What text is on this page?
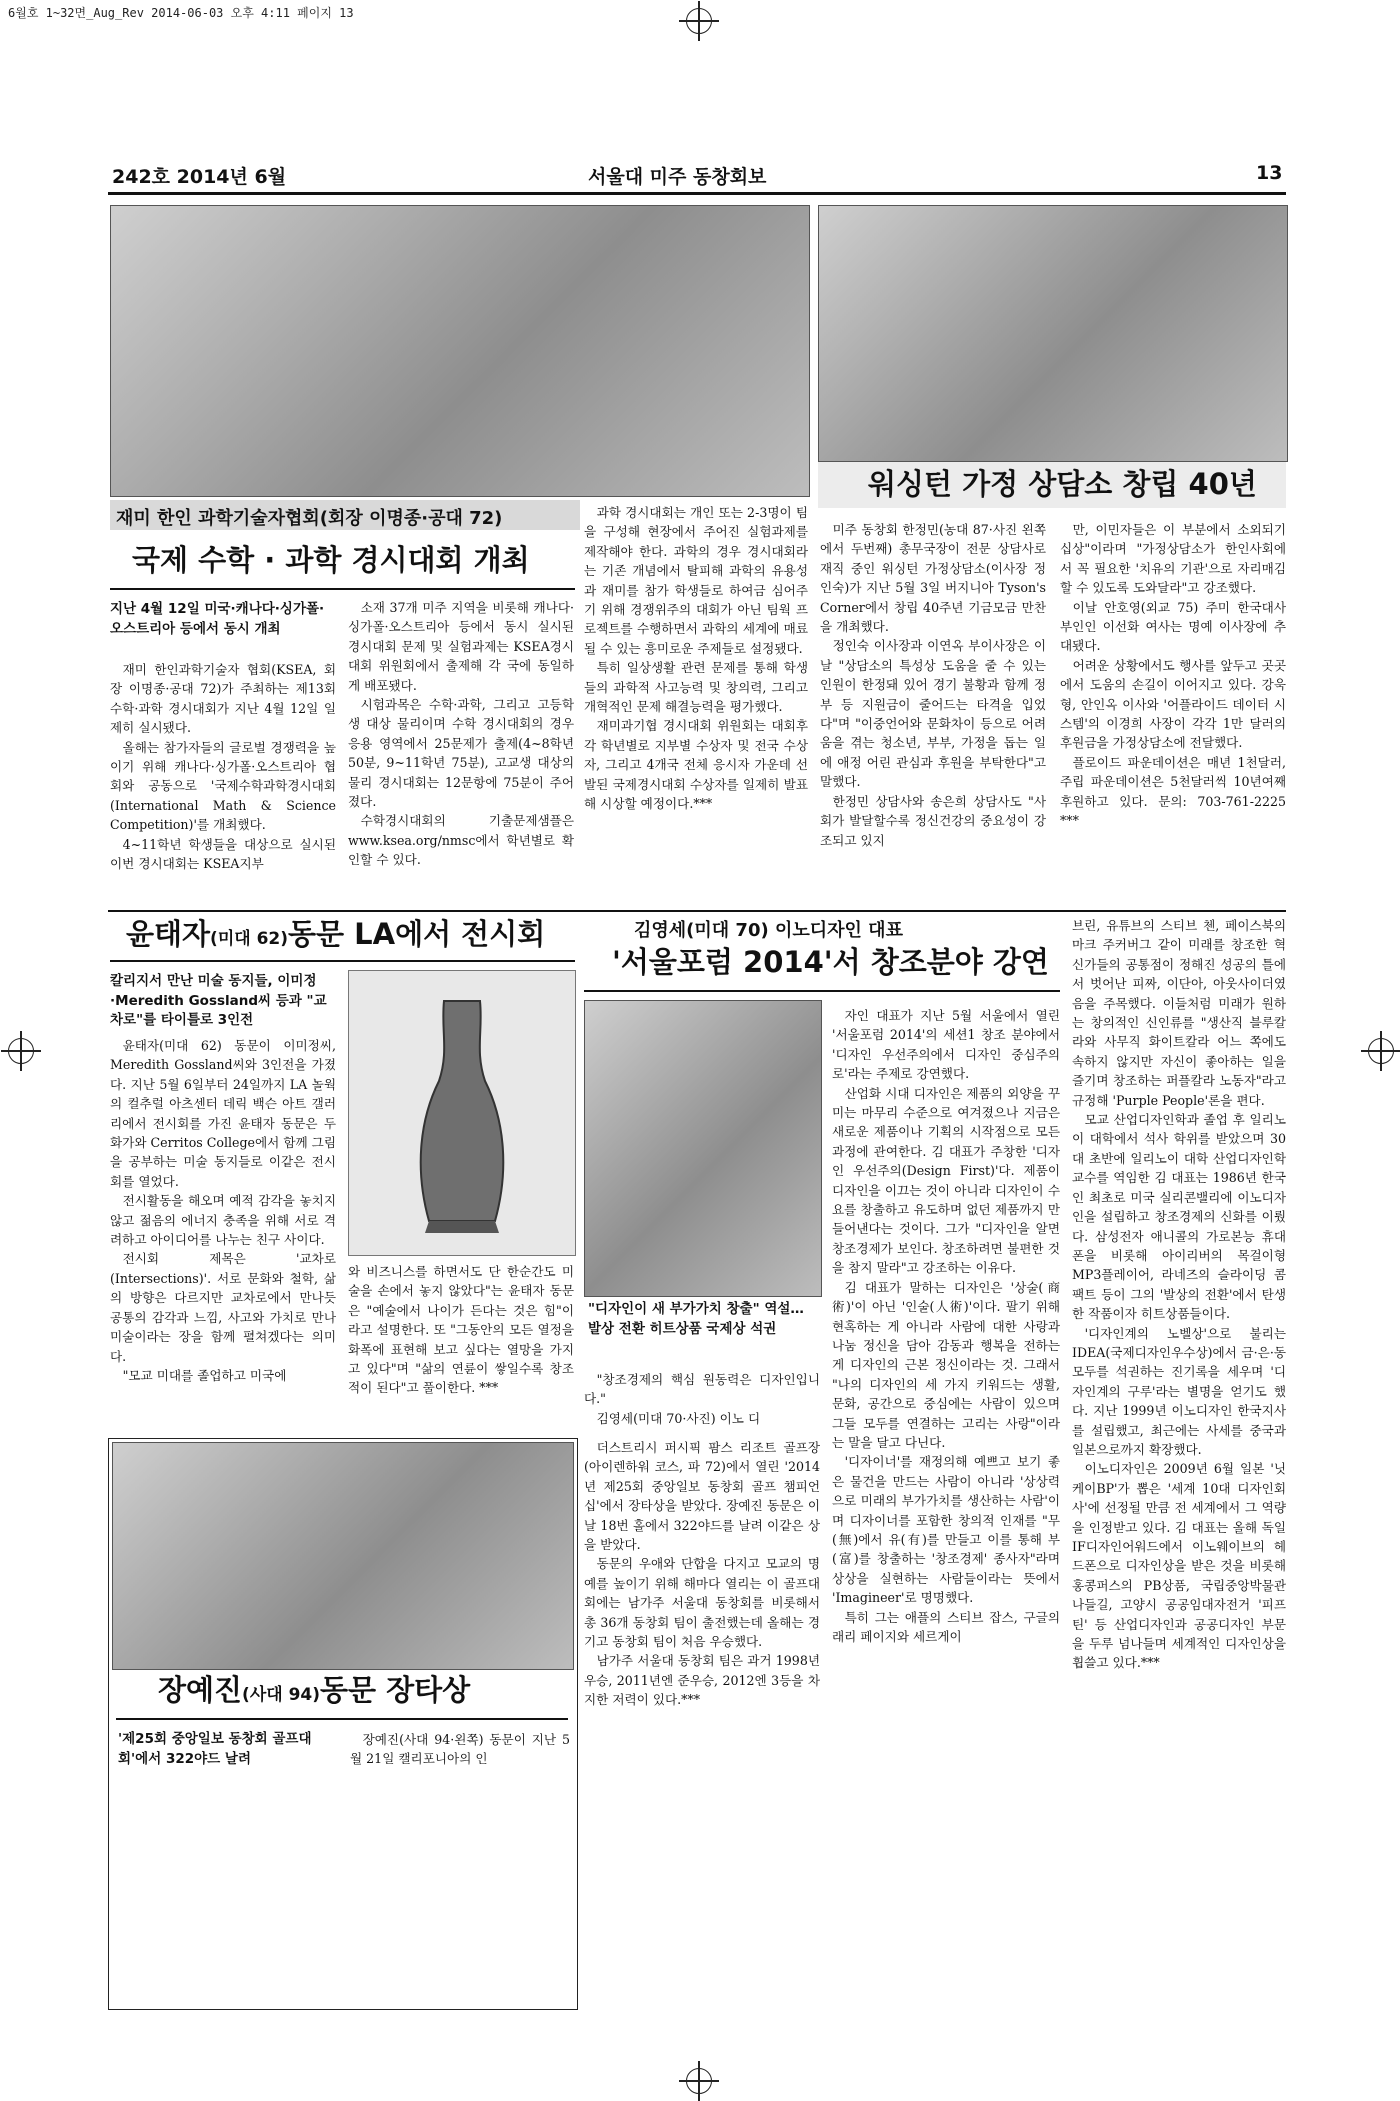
6월호 1~32면_Aug_Rev 2014-06-03 오후 4:11 페이지 13
242호 2014년 6월	서울대 미주 동창회보	13
재미 한인 과학기술자협회(회장 이명종·공대 72)
국제 수학 · 과학 경시대회 개최
지난 4월 12일 미국·캐나다·싱가폴·오스트리아 등에서 동시 개최

재미 한인과학기술자 협회(KSEA, 회장 이명종·공대 72)가 주최하는 제13회 수학·과학 경시대회가 지난 4월 12일 일제히 실시됐다.

올해는 참가자들의 글로벌 경쟁력을 높이기 위해 캐나다·싱가폴·오스트리아 협회와 공동으로 '국제수학과학경시대회(International Math & Science Competition)'를 개최했다.

4~11학년 학생들을 대상으로 실시된 이번 경시대회는 KSEA지부

소재 37개 미주 지역을 비롯해 캐나다·싱가폴·오스트리아 등에서 동시 실시된 경시대회 문제 및 실험과제는 KSEA경시대회 위원회에서 출제해 각 국에 동일하게 배포됐다.

시험과목은 수학·과학, 그리고 고등학생 대상 물리이며 수학 경시대회의 경우 응용 영역에서 25문제가 출제(4~8학년 50분, 9~11학년 75분), 고교생 대상의 물리 경시대회는 12문항에 75분이 주어졌다.

수학경시대회의 기출문제샘플은 www.ksea.org/nmsc에서 학년별로 확인할 수 있다.

과학 경시대회는 개인 또는 2-3명이 팀을 구성해 현장에서 주어진 실험과제를 제작해야 한다. 과학의 경우 경시대회라는 기존 개념에서 탈피해 과학의 유용성과 재미를 참가 학생들로 하여금 심어주기 위해 경쟁위주의 대회가 아닌 팀웍 프로젝트를 수행하면서 과학의 세계에 매료될 수 있는 흥미로운 주제들로 설정됐다.

특히 일상생활 관련 문제를 통해 학생들의 과학적 사고능력 및 창의력, 그리고 개혁적인 문제 해결능력을 평가했다.

재미과기협 경시대회 위원회는 대회후 각 학년별로 지부별 수상자 및 전국 수상자, 그리고 4개국 전체 응시자 가운데 선발된 국제경시대회 수상자를 일제히 발표해 시상할 예정이다.***

워싱턴 가정 상담소 창립 40년

미주 동창회 한정민(농대 87·사진 왼쪽에서 두번째) 총무국장이 전문 상담사로 재직 중인 워싱턴 가정상담소(이사장 정인숙)가 지난 5월 3일 버지니아 Tyson's Corner에서 창립 40주년 기금모금 만찬을 개최했다.

정인숙 이사장과 이연옥 부이사장은 이날 "상담소의 특성상 도움을 줄 수 있는 인원이 한정돼 있어 경기 불황과 함께 정부 등 지원금이 줄어드는 타격을 입었다"며 "이중언어와 문화차이 등으로 어려움을 겪는 청소년, 부부, 가정을 돕는 일에 애정 어린 관심과 후원을 부탁한다"고 말했다.

한정민 상담사와 송은희 상담사도 "사회가 발달할수록 정신건강의 중요성이 강조되고 있지

만, 이민자들은 이 부분에서 소외되기 십상"이라며 "가정상담소가 한인사회에서 꼭 필요한 '치유의 기관'으로 자리매김할 수 있도록 도와달라"고 강조했다.

이날 안호영(외교 75) 주미 한국대사 부인인 이선화 여사는 명예 이사장에 추대됐다.

어려운 상황에서도 행사를 앞두고 곳곳에서 도움의 손길이 이어지고 있다. 강욱형, 안인옥 이사와 '어플라이드 데이터 시스템'의 이경희 사장이 각각 1만 달러의 후원금을 가정상담소에 전달했다.

플로이드 파운데이션은 매년 1천달러, 주립 파운데이션은 5천달러씩 10년여째 후원하고 있다. 문의: 703-761-2225 ***

윤태자(미대 62)동문 LA에서 전시회
칼리지서 만난 미술 동지들, 이미정·Meredith Gossland씨 등과 "교차로"를 타이틀로 3인전

윤태자(미대 62) 동문이 이미정씨, Meredith Gossland씨와 3인전을 가졌다. 지난 5월 6일부터 24일까지 LA 놀웍의 컬추럴 아츠센터 데릭 백슨 아트 갤러리에서 전시회를 가진 윤태자 동문은 두 화가와 Cerritos College에서 함께 그림을 공부하는 미술 동지들로 이같은 전시회를 열었다.

전시활동을 해오며 예적 감각을 놓치지 않고 젊음의 에너지 충족을 위해 서로 격려하고 아이디어를 나누는 친구 사이다.

전시회 제목은 '교차로(Intersections)'. 서로 문화와 철학, 삶의 방향은 다르지만 교차로에서 만나듯 공통의 감각과 느낌, 사고와 가치로 만나 미술이라는 장을 함께 펼쳐겠다는 의미다.

"모교 미대를 졸업하고 미국에

와 비즈니스를 하면서도 단 한순간도 미술을 손에서 놓지 않았다"는 윤태자 동문은 "예술에서 나이가 든다는 것은 힘"이라고 설명한다. 또 "그동안의 모든 열정을 화폭에 표현해 보고 싶다는 열망을 가지고 있다"며 "삶의 연륜이 쌓일수록 창조적이 된다"고 풀이한다. ***

장예진(사대 94)동문 장타상
'제25회 중앙일보 동창회 골프대회'에서 322야드 날려

장예진(사대 94·왼쪽) 동문이 지난 5월 21일 캘리포니아의 인

김영세(미대 70) 이노디자인 대표
'서울포럼 2014'서 창조분야 강연
"디자인이 새 부가가치 창출" 역설… 발상 전환 히트상품 국제상 석권

"창조경제의 핵심 원동력은 디자인입니다."

김영세(미대 70·사진) 이노 디

더스트리시 퍼시픽 팜스 리조트 골프장(아이렌하워 코스, 파 72)에서 열린 '2014년 제25회 중앙일보 동창회 골프 챔피언십'에서 장타상을 받았다. 장예진 동문은 이날 18번 홀에서 322야드를 날려 이같은 상을 받았다.

동문의 우애와 단합을 다지고 모교의 명예를 높이기 위해 해마다 열리는 이 골프대회에는 남가주 서울대 동창회를 비롯해서 총 36개 동창회 팀이 출전했는데 올해는 경기고 동창회 팀이 처음 우승했다.

남가주 서울대 동창회 팀은 과거 1998년 우승, 2011년엔 준우승, 2012엔 3등을 차지한 저력이 있다.***

자인 대표가 지난 5월 서울에서 열린 '서울포럼 2014'의 세션1 창조 분야에서 '디자인 우선주의에서 디자인 중심주의로'라는 주제로 강연했다.

산업화 시대 디자인은 제품의 외양을 꾸미는 마무리 수준으로 여겨졌으나 지금은 새로운 제품이나 기획의 시작점으로 모든 과정에 관여한다. 김 대표가 주창한 '디자인 우선주의(Design First)'다. 제품이 디자인을 이끄는 것이 아니라 디자인이 수요를 창출하고 유도하며 없던 제품까지 만들어낸다는 것이다. 그가 "디자인을 알면 창조경제가 보인다. 창조하려면 불편한 것을 참지 말라"고 강조하는 이유다.

김 대표가 말하는 디자인은 '상술(商術)'이 아닌 '인술(人術)'이다. 팔기 위해 현혹하는 게 아니라 사람에 대한 사랑과 나눔 정신을 담아 감동과 행복을 전하는 게 디자인의 근본 정신이라는 것. 그래서 "나의 디자인의 세 가지 키워드는 생활, 문화, 공간으로 중심에는 사람이 있으며 그들 모두를 연결하는 고리는 사랑"이라는 말을 달고 다닌다.

'디자이너'를 재정의해 예쁘고 보기 좋은 물건을 만드는 사람이 아니라 '상상력으로 미래의 부가가치를 생산하는 사람'이며 디자이너를 포함한 창의적 인재를 "무(無)에서 유(有)를 만들고 이를 통해 부(富)를 창출하는 '창조경제' 종사자"라며 상상을 실현하는 사람들이라는 뜻에서 'Imagineer'로 명명했다.

특히 그는 애플의 스티브 잡스, 구글의 래리 페이지와 세르게이

브린, 유튜브의 스티브 첸, 페이스북의 마크 주커버그 같이 미래를 창조한 혁신가들의 공통점이 정해진 성공의 틀에서 벗어난 피짜, 이단아, 아웃사이더였음을 주목했다. 이들처럼 미래가 원하는 창의적인 신인류를 "생산직 블루칼라와 사무직 화이트칼라 어느 쪽에도 속하지 않지만 자신이 좋아하는 일을 즐기며 창조하는 퍼플칼라 노동자"라고 규정해 'Purple People'론을 편다.

모교 산업디자인학과 졸업 후 일리노이 대학에서 석사 학위를 받았으며 30대 초반에 일리노이 대학 산업디자인학 교수를 역임한 김 대표는 1986년 한국인 최초로 미국 실리콘밸리에 이노디자인을 설립하고 창조경제의 신화를 이뤘다. 삼성전자 애니콜의 가로본능 휴대폰을 비롯해 아이리버의 목걸이형 MP3플레이어, 라네즈의 슬라이딩 콤팩트 등이 그의 '발상의 전환'에서 탄생한 작품이자 히트상품들이다.

'디자인계의 노벨상'으로 불리는 IDEA(국제디자인우수상)에서 금·은·동 모두를 석권하는 진기록을 세우며 '디자인계의 구루'라는 별명을 얻기도 했다. 지난 1999년 이노디자인 한국지사를 설립했고, 최근에는 사세를 중국과 일본으로까지 확장했다.

이노디자인은 2009년 6월 일본 '닛케이BP'가 뽑은 '세계 10대 디자인회사'에 선정될 만큼 전 세계에서 그 역량을 인정받고 있다. 김 대표는 올해 독일 IF디자인어워드에서 이노웨이브의 헤드폰으로 디자인상을 받은 것을 비롯해 홍콩퍼스의 PB상품, 국립중앙박물관 나들길, 고양시 공공임대자전거 '피프틴' 등 산업디자인과 공공디자인 부문을 두루 넘나들며 세계적인 디자인상을 휩쓸고 있다.***
